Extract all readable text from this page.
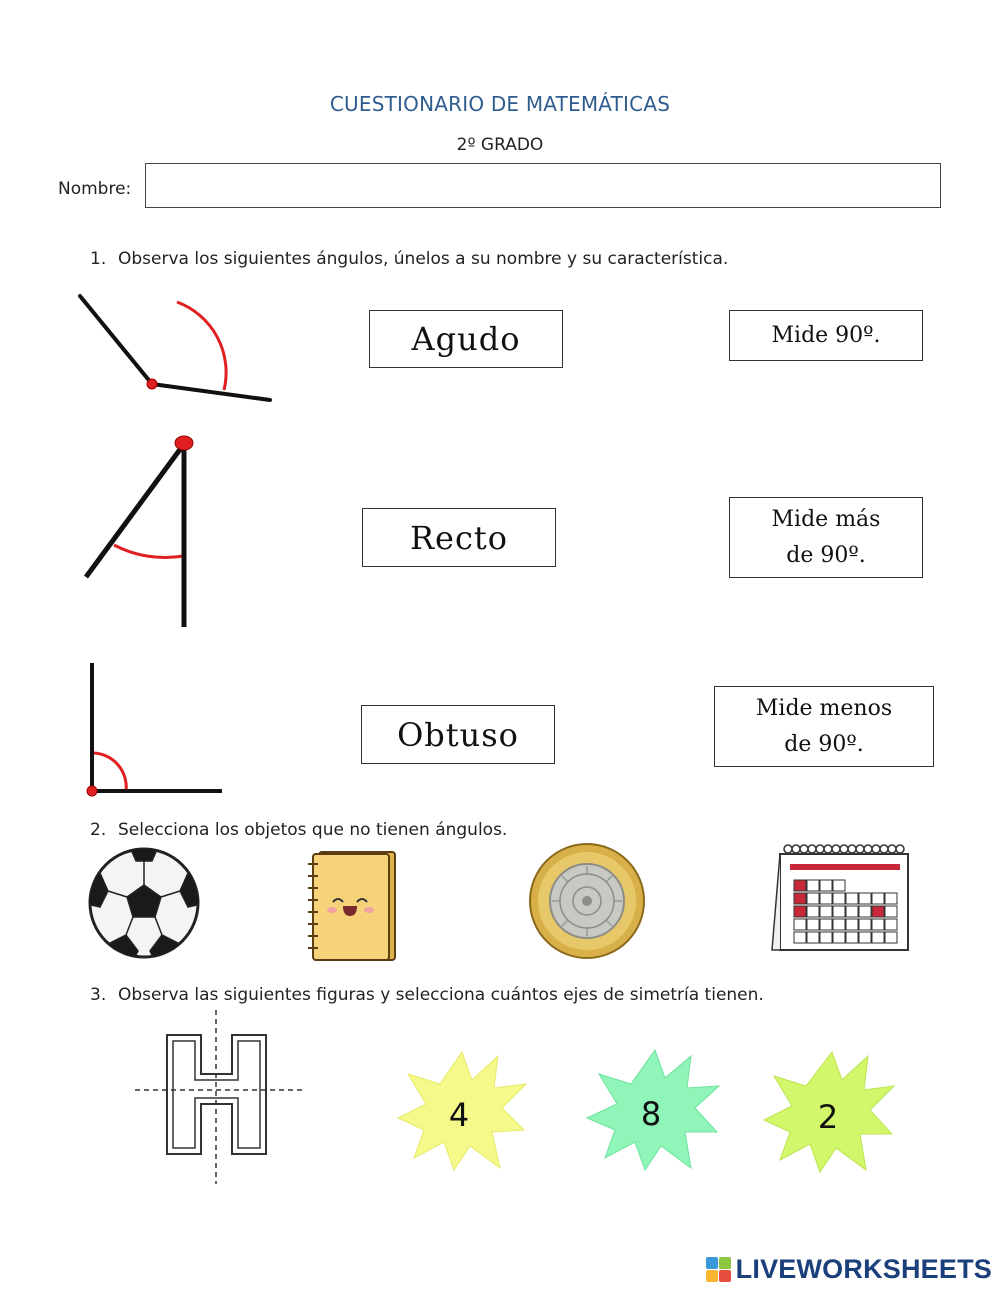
CUESTIONARIO DE MATEMÁTICAS
2º GRADO
Nombre:
1. Observa los siguientes ángulos, únelos a su nombre y su característica.
Agudo
Recto
Obtuso
Mide 90º.
Mide más
de 90º.
Mide menos
de 90º.
2. Selecciona los objetos que no tienen ángulos.
3. Observa las siguientes figuras y selecciona cuántos ejes de simetría tienen.
4	8	2
LIVEWORKSHEETS
